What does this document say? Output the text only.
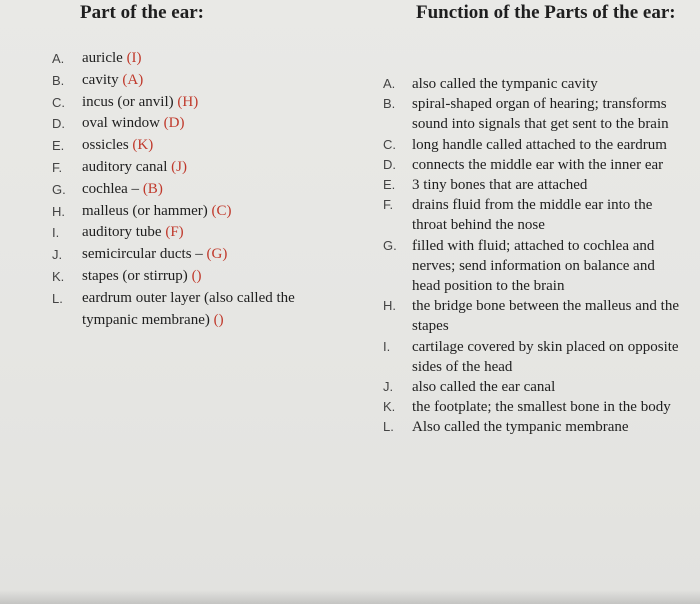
Part of the ear:	Function of the Parts of the ear:
A.	auricle (I)
B.	cavity (A)
C.	incus (or anvil) (H)
D.	oval window (D)
E.	ossicles (K)
F.	auditory canal (J)
G.	cochlea – (B)
H.	malleus (or hammer) (C)
I.	auditory tube (F)
J.	semicircular ducts – (G)
K.	stapes (or stirrup) ()
L.	eardrum outer layer (also called the tympanic membrane) ()
A.	also called the tympanic cavity
B.	spiral-shaped organ of hearing; transforms sound into signals that get sent to the brain
C.	long handle called attached to the eardrum
D.	connects the middle ear with the inner ear
E.	3 tiny bones that are attached
F.	drains fluid from the middle ear into the throat behind the nose
G.	filled with fluid; attached to cochlea and nerves; send information on balance and head position to the brain
H.	the bridge bone between the malleus and the stapes
I.	cartilage covered by skin placed on opposite sides of the head
J.	also called the ear canal
K.	the footplate; the smallest bone in the body
L.	Also called the tympanic membrane
